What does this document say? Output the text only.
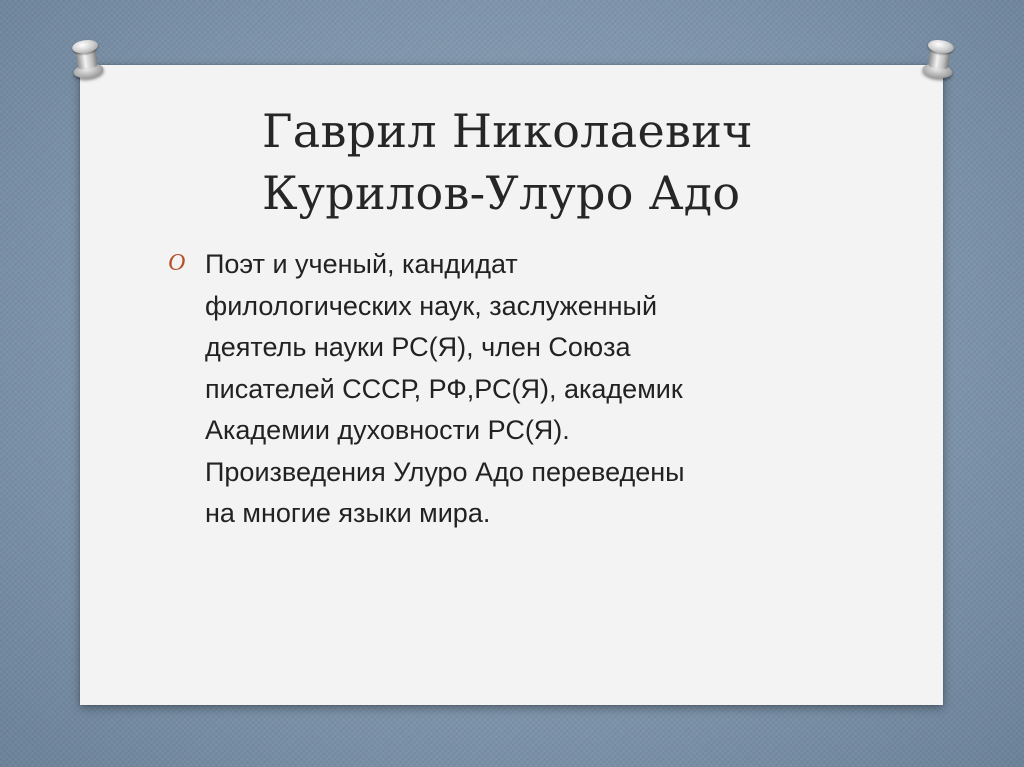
Гаврил Николаевич
Курилов-Улуро Адо
O Поэт и ученый, кандидат
филологических наук, заслуженный
деятель науки РС(Я), член Союза
писателей СССР, РФ,РС(Я), академик
Академии духовности РС(Я).
Произведения Улуро Адо переведены
на многие языки мира.
